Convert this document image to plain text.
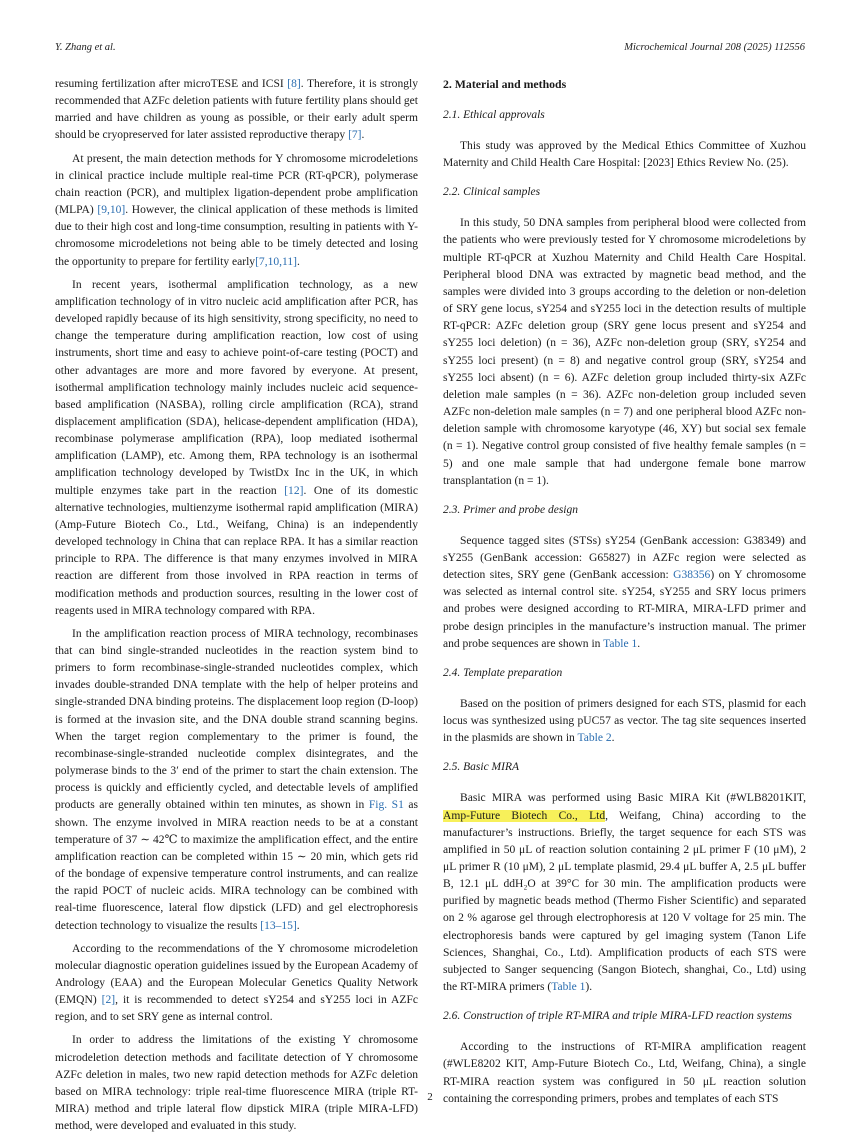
Y. Zhang et al.	Microchemical Journal 208 (2025) 112556

resuming fertilization after microTESE and ICSI [8]. Therefore, it is strongly recommended that AZFc deletion patients with future fertility plans should get married and have children as young as possible, or their early adult sperm should be cryopreserved for later assisted reproductive therapy [7].

At present, the main detection methods for Y chromosome microdeletions in clinical practice include multiple real-time PCR (RT-qPCR), polymerase chain reaction (PCR), and multiplex ligation-dependent probe amplification (MLPA) [9,10]. However, the clinical application of these methods is limited due to their high cost and long-time consumption, resulting in patients with Y-chromosome microdeletions not being able to be timely detected and losing the opportunity to prepare for fertility early[7,10,11].

In recent years, isothermal amplification technology, as a new amplification technology of in vitro nucleic acid amplification after PCR, has developed rapidly because of its high sensitivity, strong specificity, no need to change the temperature during amplification reaction, low cost of using instruments, short time and easy to achieve point-of-care testing (POCT) and other advantages are more and more favored by everyone. At present, isothermal amplification technology mainly includes nucleic acid sequence-based amplification (NASBA), rolling circle amplification (RCA), strand displacement amplification (SDA), helicase-dependent amplification (HDA), recombinase polymerase amplification (RPA), loop mediated isothermal amplification (LAMP), etc. Among them, RPA technology is an isothermal amplification technology developed by TwistDx Inc in the UK, in which multiple enzymes take part in the reaction [12]. One of its domestic alternative technologies, multienzyme isothermal rapid amplification (MIRA) (Amp-Future Biotech Co., Ltd., Weifang, China) is an independently developed technology in China that can replace RPA. It has a similar reaction principle to RPA. The difference is that many enzymes involved in MIRA reaction are different from those involved in RPA reaction in terms of modification methods and production sources, resulting in the lower cost of reagents used in MIRA technology compared with RPA.

In the amplification reaction process of MIRA technology, recombinases that can bind single-stranded nucleotides in the reaction system bind to primers to form recombinase-single-stranded nucleotides complex, which invades double-stranded DNA template with the help of helper proteins and single-stranded DNA binding proteins. The displacement loop region (D-loop) is formed at the invasion site, and the DNA double strand scanning begins. When the target region complementary to the primer is found, the recombinase-single-stranded nucleotide complex disintegrates, and the polymerase binds to the 3′ end of the primer to start the chain extension. The process is quickly and efficiently cycled, and detectable levels of amplified products are generally obtained within ten minutes, as shown in Fig. S1 as shown. The enzyme involved in MIRA reaction needs to be at a constant temperature of 37 ∼ 42℃ to maximize the amplification effect, and the entire amplification reaction can be completed within 15 ∼ 20 min, which gets rid of the bondage of expensive temperature control instruments, and can realize the rapid POCT of nucleic acids. MIRA technology can be combined with real-time fluorescence, lateral flow dipstick (LFD) and gel electrophoresis detection technology to visualize the results [13–15].

According to the recommendations of the Y chromosome microdeletion molecular diagnostic operation guidelines issued by the European Academy of Andrology (EAA) and the European Molecular Genetics Quality Network (EMQN) [2], it is recommended to detect sY254 and sY255 loci in AZFc region, and to set SRY gene as internal control.

In order to address the limitations of the existing Y chromosome microdeletion detection methods and facilitate detection of Y chromosome AZFc deletion in males, two new rapid detection methods for AZFc deletion based on MIRA technology: triple real-time fluorescence MIRA (triple RT-MIRA) method and triple lateral flow dipstick MIRA (triple MIRA-LFD) method, were developed and evaluated in this study.

2. Material and methods
2.1. Ethical approvals

This study was approved by the Medical Ethics Committee of Xuzhou Maternity and Child Health Care Hospital: [2023] Ethics Review No. (25).

2.2. Clinical samples

In this study, 50 DNA samples from peripheral blood were collected from the patients who were previously tested for Y chromosome microdeletions by multiple RT-qPCR at Xuzhou Maternity and Child Health Care Hospital. Peripheral blood DNA was extracted by magnetic bead method, and the samples were divided into 3 groups according to the deletion or non-deletion of SRY gene locus, sY254 and sY255 loci in the detection results of multiple RT-qPCR: AZFc deletion group (SRY gene locus present and sY254 and sY255 loci deletion) (n = 36), AZFc non-deletion group (SRY, sY254 and sY255 loci present) (n = 8) and negative control group (SRY, sY254 and sY255 loci absent) (n = 6). AZFc deletion group included thirty-six AZFc deletion male samples (n = 36). AZFc non-deletion group included seven AZFc non-deletion male samples (n = 7) and one peripheral blood AZFc non-deletion sample with chromosome karyotype (46, XY) but social sex female (n = 1). Negative control group consisted of five healthy female samples (n = 5) and one male sample that had undergone female bone marrow transplantation (n = 1).

2.3. Primer and probe design

Sequence tagged sites (STSs) sY254 (GenBank accession: G38349) and sY255 (GenBank accession: G65827) in AZFc region were selected as detection sites, SRY gene (GenBank accession: G38356) on Y chromosome was selected as internal control site. sY254, sY255 and SRY locus primers and probes were designed according to RT-MIRA, MIRA-LFD primer and probe design principles in the manufacture’s instruction manual. The primer and probe sequences are shown in Table 1.

2.4. Template preparation

Based on the position of primers designed for each STS, plasmid for each locus was synthesized using pUC57 as vector. The tag site sequences inserted in the plasmids are shown in Table 2.

2.5. Basic MIRA

Basic MIRA was performed using Basic MIRA Kit (#WLB8201KIT, Amp-Future Biotech Co., Ltd, Weifang, China) according to the manufacturer’s instructions. Briefly, the target sequence for each STS was amplified in 50 μL of reaction solution containing 2 μL primer F (10 μM), 2 μL primer R (10 μM), 2 μL template plasmid, 29.4 μL buffer A, 2.5 μL buffer B, 12.1 μL ddH₂O at 39°C for 30 min. The amplification products were purified by magnetic beads method (Thermo Fisher Scientific) and separated on 2 % agarose gel through electrophoresis at 120 V voltage for 25 min. The electrophoresis bands were captured by gel imaging system (Tanon Life Sciences, Shanghai, Co., Ltd). Amplification products of each STS were subjected to Sanger sequencing (Sangon Biotech, shanghai, Co., Ltd) using the RT-MIRA primers (Table 1).

2.6. Construction of triple RT-MIRA and triple MIRA-LFD reaction systems

According to the instructions of RT-MIRA amplification reagent (#WLE8202 KIT, Amp-Future Biotech Co., Ltd, Weifang, China), a single RT-MIRA reaction system was configured in 50 μL reaction solution containing the corresponding primers, probes and templates of each STS

2
